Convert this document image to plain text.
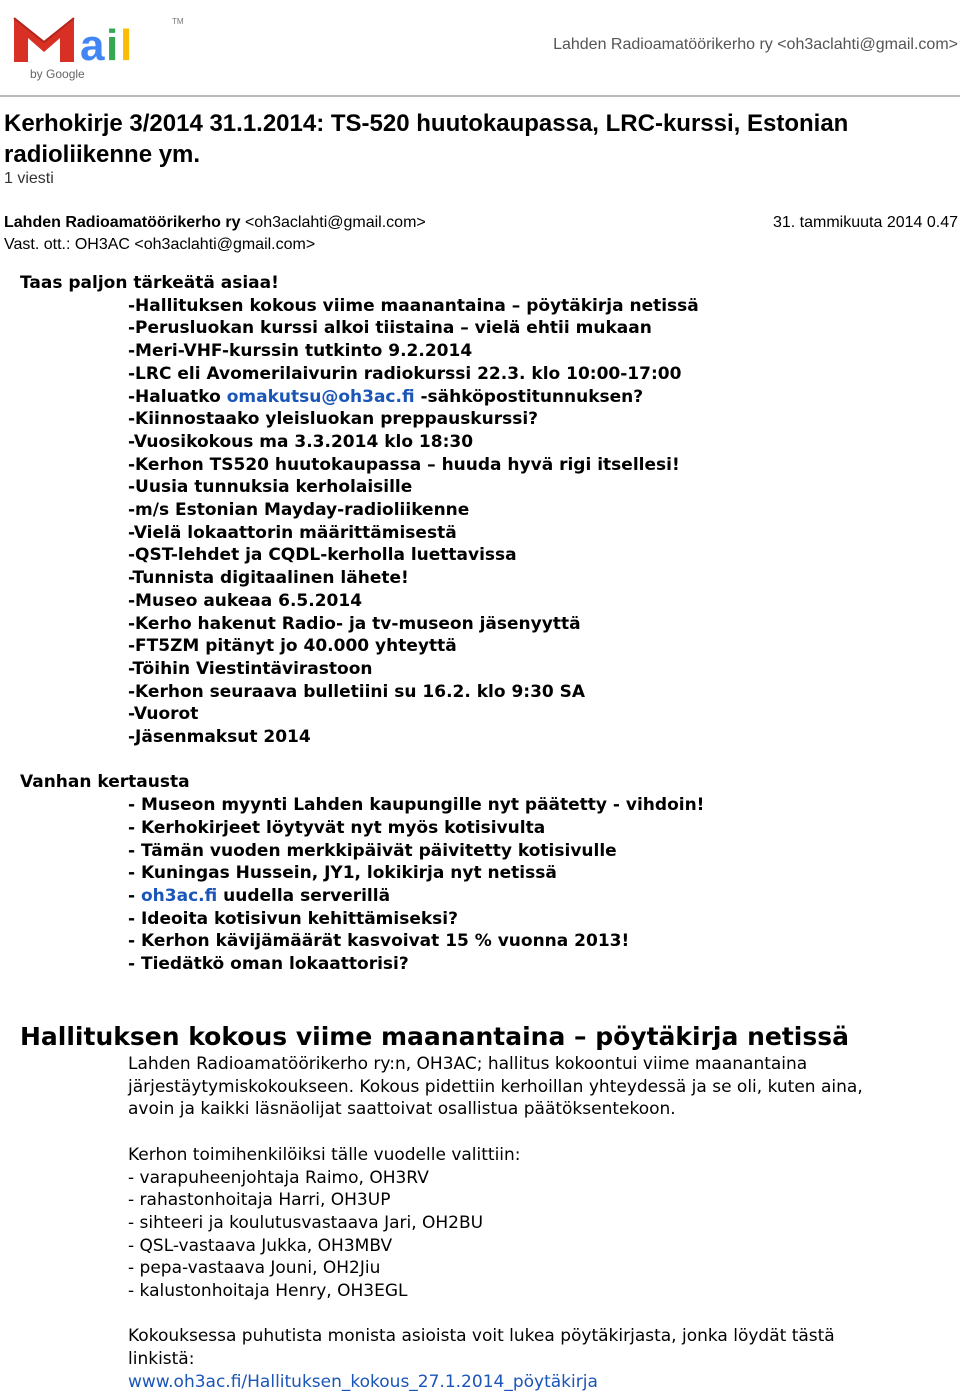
a i l
Gmail
TM
by Google
Lahden Radioamatöörikerho ry <oh3aclahti@gmail.com>
Kerhokirje 3/2014 31.1.2014: TS-520 huutokaupassa, LRC-kurssi, Estonian radioliikenne ym.
1 viesti
Lahden Radioamatöörikerho ry <oh3aclahti@gmail.com>	31. tammikuuta 2014 0.47
Vast. ott.: OH3AC <oh3aclahti@gmail.com>
Taas paljon tärkeätä asiaa!
-Hallituksen kokous viime maanantaina – pöytäkirja netissä
-Perusluokan kurssi alkoi tiistaina – vielä ehtii mukaan
-Meri-VHF-kurssin tutkinto 9.2.2014
-LRC eli Avomerilaivurin radiokurssi 22.3. klo 10:00-17:00
-Haluatko omakutsu@oh3ac.fi -sähköpostitunnuksen?
-Kiinnostaako yleisluokan preppauskurssi?
-Vuosikokous ma 3.3.2014 klo 18:30
-Kerhon TS520 huutokaupassa – huuda hyvä rigi itsellesi!
-Uusia tunnuksia kerholaisille
-m/s Estonian Mayday-radioliikenne
-Vielä lokaattorin määrittämisestä
-QST-lehdet ja CQDL-kerholla luettavissa
-Tunnista digitaalinen lähete!
-Museo aukeaa 6.5.2014
-Kerho hakenut Radio- ja tv-museon jäsenyyttä
-FT5ZM pitänyt jo 40.000 yhteyttä
-Töihin Viestintävirastoon
-Kerhon seuraava bulletiini su 16.2. klo 9:30 SA
-Vuorot
-Jäsenmaksut 2014
Vanhan kertausta
- Museon myynti Lahden kaupungille nyt päätetty - vihdoin!
- Kerhokirjeet löytyvät nyt myös kotisivulta
- Tämän vuoden merkkipäivät päivitetty kotisivulle
- Kuningas Hussein, JY1, lokikirja nyt netissä
- oh3ac.fi uudella serverillä
- Ideoita kotisivun kehittämiseksi?
- Kerhon kävijämäärät kasvoivat 15 % vuonna 2013!
- Tiedätkö oman lokaattorisi?
Hallituksen kokous viime maanantaina – pöytäkirja netissä
Lahden Radioamatöörikerho ry:n, OH3AC; hallitus kokoontui viime maanantaina
järjestäytymiskokoukseen. Kokous pidettiin kerhoillan yhteydessä ja se oli, kuten aina,
avoin ja kaikki läsnäolijat saattoivat osallistua päätöksentekoon.
Kerhon toimihenkilöiksi tälle vuodelle valittiin:
- varapuheenjohtaja Raimo, OH3RV
- rahastonhoitaja Harri, OH3UP
- sihteeri ja koulutusvastaava Jari, OH2BU
- QSL-vastaava Jukka, OH3MBV
- pepa-vastaava Jouni, OH2Jiu
- kalustonhoitaja Henry, OH3EGL
Kokouksessa puhutista monista asioista voit lukea pöytäkirjasta, jonka löydät tästä
linkistä:
www.oh3ac.fi/Hallituksen_kokous_27.1.2014_pöytäkirja
